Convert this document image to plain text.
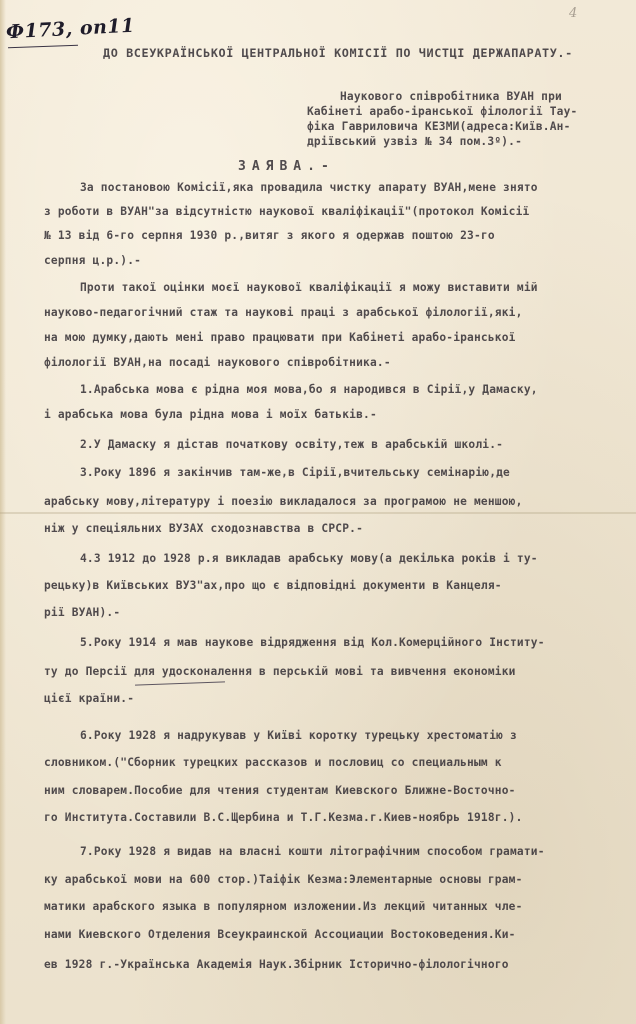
Ф173, оп11
4
ДО ВСЕУКРАЇНСЬКОЇ ЦЕНТРАЛЬНОЇ КОМІСІЇ ПО ЧИСТЦІ ДЕРЖАПАРАТУ.-
Наукового співробітника ВУАН при
Кабінеті арабо-іранської філології Тау-
фіка Гавриловича КЕЗМИ(адреса:Київ.Ан-
дріївський узвіз № 34 пом.3º).-
ЗАЯВА.-
За постановою Комісії,яка провадила чистку апарату ВУАН,мене знято
з роботи в ВУАН"за відсутністю наукової кваліфікації"(протокол Комісії
№ 13 від 6-го серпня 1930 р.,витяг з якого я одержав поштою 23-го
серпня ц.р.).-
Проти такої оцінки моєї наукової кваліфікації я можу виставити мій
науково-педагогічний стаж та наукові праці з арабської філології,які,
на мою думку,дають мені право працювати при Кабінеті арабо-іранської
філології ВУАН,на посаді наукового співробітника.-
1.Арабська мова є рідна моя мова,бо я народився в Сірії,у Дамаску,
і арабська мова була рідна мова і моїх батьків.-
2.У Дамаску я дістав початкову освіту,теж в арабській школі.-
3.Року 1896 я закінчив там-же,в Сірії,вчительську семінарію,де
арабську мову,літературу і поезію викладалося за програмою не меншою,
ніж у спеціяльних ВУЗАХ сходознавства в СРСР.-
4.З 1912 до 1928 р.я викладав арабську мову(а декілька років і ту-
рецьку)в Київських ВУЗ"ах,про що є відповідні документи в Канцеля-
рії ВУАН).-
5.Року 1914 я мав наукове відрядження від Кол.Комерційного Інститу-
ту до Персії для удосконалення в перській мові та вивчення економіки
цієї країни.-
6.Року 1928 я надрукував у Київі коротку турецьку хрестоматію з
словником.("Сборник турецких рассказов и пословиц со специальным к
ним словарем.Пособие для чтения студентам Киевского Ближне-Восточно-
го Института.Составили В.С.Щербина и Т.Г.Кезма.г.Киев-ноябрь 1918г.).
7.Року 1928 я видав на власні кошти літографічним способом грамати-
ку арабської мови на 600 стор.)Таіфік Кезма:Элементарные основы грам-
матики арабского языка в популярном изложении.Из лекций читанных чле-
нами Киевского Отделения Всеукраинской Ассоциации Востоковедения.Ки-
ев 1928 г.-Українська Академія Наук.Збірник Історично-філологічного
